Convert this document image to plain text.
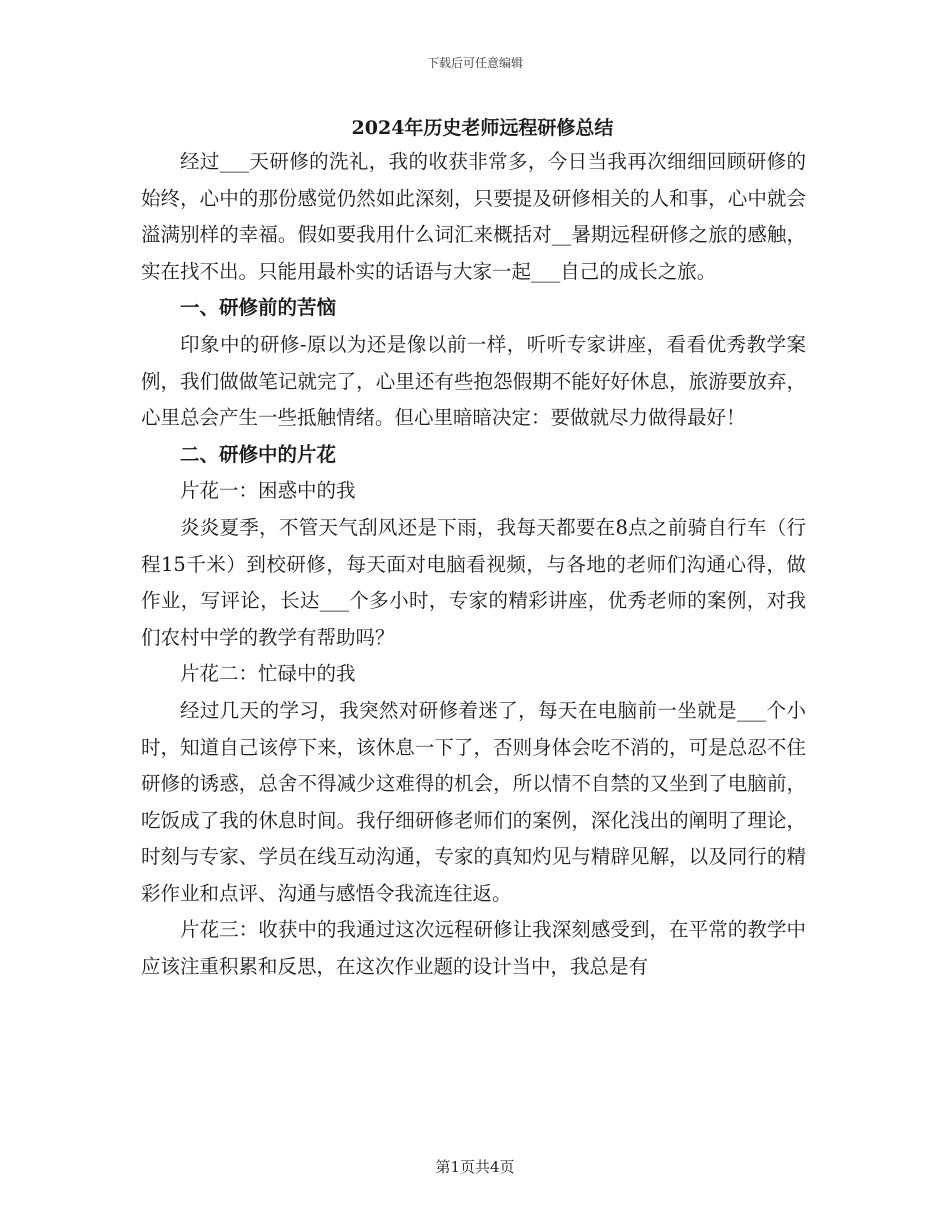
下载后可任意编辑
2024年历史老师远程研修总结

经过___天研修的洗礼，我的收获非常多，今日当我再次细细回顾研修的始终，心中的那份感觉仍然如此深刻，只要提及研修相关的人和事，心中就会溢满别样的幸福。假如要我用什么词汇来概括对__暑期远程研修之旅的感触，实在找不出。只能用最朴实的话语与大家一起___自己的成长之旅。

一、研修前的苦恼

印象中的研修-原以为还是像以前一样，听听专家讲座，看看优秀教学案例，我们做做笔记就完了，心里还有些抱怨假期不能好好休息，旅游要放弃，心里总会产生一些抵触情绪。但心里暗暗决定：要做就尽力做得最好！

二、研修中的片花

片花一：困惑中的我

炎炎夏季，不管天气刮风还是下雨，我每天都要在8点之前骑自行车（行程15千米）到校研修，每天面对电脑看视频，与各地的老师们沟通心得，做作业，写评论，长达___个多小时，专家的精彩讲座，优秀老师的案例，对我们农村中学的教学有帮助吗？

片花二：忙碌中的我

经过几天的学习，我突然对研修着迷了，每天在电脑前一坐就是___个小时，知道自己该停下来，该休息一下了，否则身体会吃不消的，可是总忍不住研修的诱惑，总舍不得减少这难得的机会，所以情不自禁的又坐到了电脑前，吃饭成了我的休息时间。我仔细研修老师们的案例，深化浅出的阐明了理论，时刻与专家、学员在线互动沟通，专家的真知灼见与精辟见解，以及同行的精彩作业和点评、沟通与感悟令我流连往返。

片花三：收获中的我通过这次远程研修让我深刻感受到，在平常的教学中应该注重积累和反思，在这次作业题的设计当中，我总是有

第1页共4页
